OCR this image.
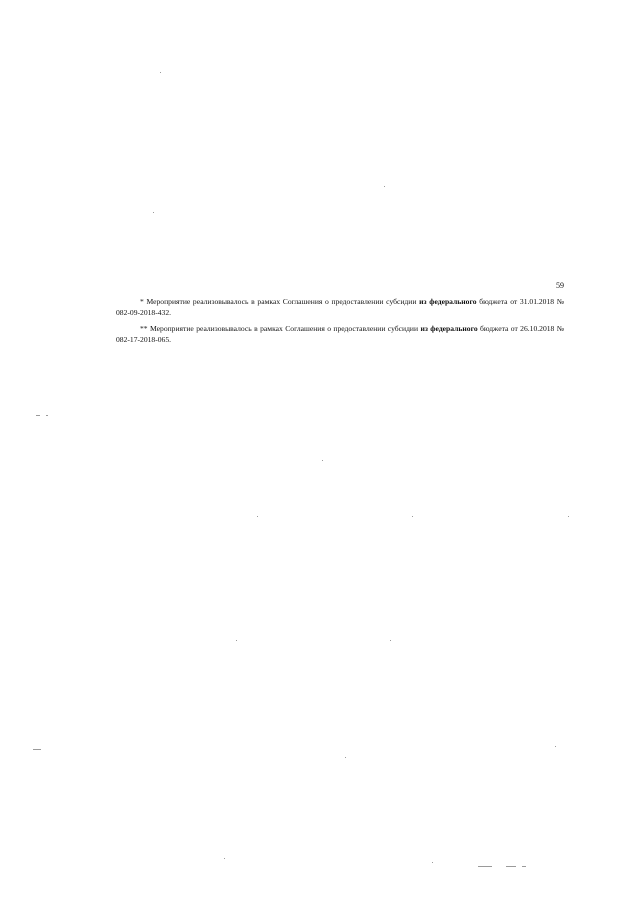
59

* Мероприятие реализовывалось в рамках Соглашения о предоставлении субсидии из федерального бюджета от 31.01.2018 № 082-09-2018-432.

** Мероприятие реализовывалось в рамках Соглашения о предоставлении субсидии из федерального бюджета от 26.10.2018 № 082-17-2018-065.
